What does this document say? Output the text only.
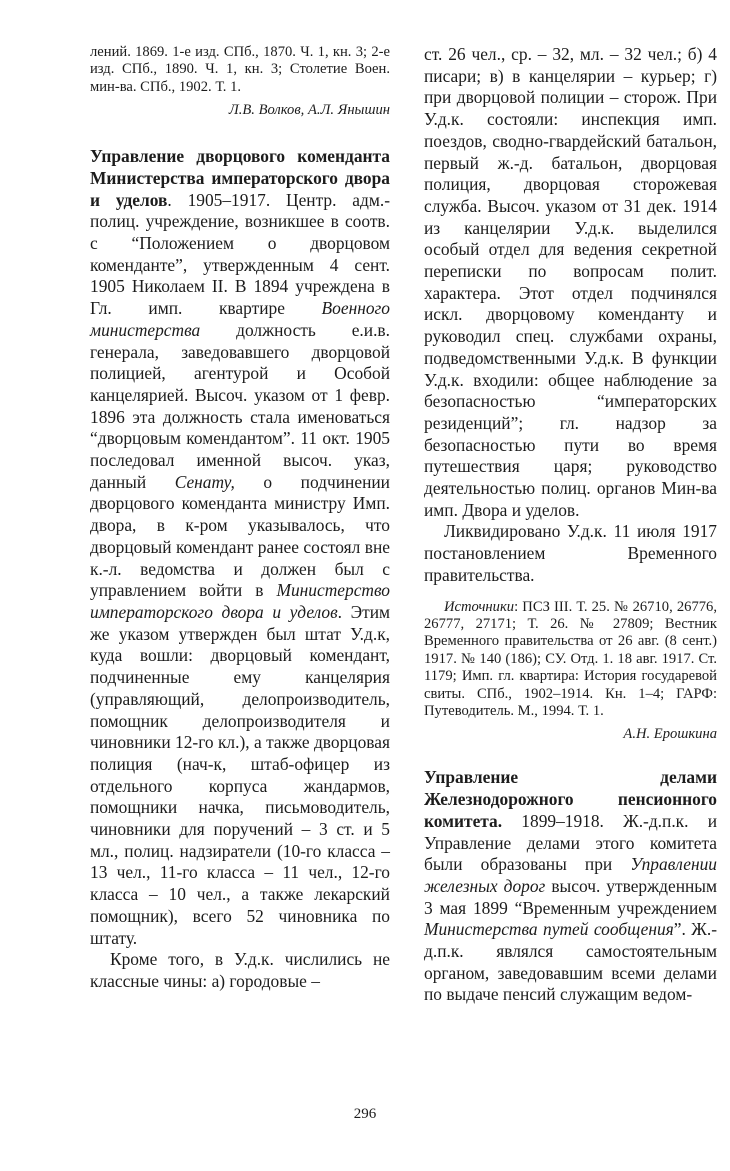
лений. 1869. 1-е изд. СПб., 1870. Ч. 1, кн. 3; 2-е изд. СПб., 1890. Ч. 1, кн. 3; Столетие Воен. мин-ва. СПб., 1902. Т. 1.

Л.В. Волков, А.Л. Янышин

Управление дворцового коменданта Министерства императорского двора и уделов. 1905–1917. Центр. адм.-полиц. учреждение, возникшее в соотв. с “Положением о дворцовом коменданте”, утвержденным 4 сент. 1905 Николаем II. В 1894 учреждена в Гл. имп. квартире Военного министерства должность е.и.в. генерала, заведовавшего дворцовой полицией, агентурой и Особой канцелярией. Высоч. указом от 1 февр. 1896 эта должность стала именоваться “дворцовым комендантом”. 11 окт. 1905 последовал именной высоч. указ, данный Сенату, о подчинении дворцового коменданта министру Имп. двора, в к-ром указывалось, что дворцовый комендант ранее состоял вне к.-л. ведомства и должен был с управлением войти в Министерство императорского двора и уделов. Этим же указом утвержден был штат У.д.к, куда вошли: дворцовый комендант, подчиненные ему канцелярия (управляющий, делопроизводитель, помощник делопроизводителя и чиновники 12-го кл.), а также дворцовая полиция (нач-к, штаб-офицер из отдельного корпуса жандармов, помощники начка, письмоводитель, чиновники для поручений – 3 ст. и 5 мл., полиц. надзиратели (10-го класса – 13 чел., 11-го класса – 11 чел., 12-го класса – 10 чел., а также лекарский помощник), всего 52 чиновника по штату.

Кроме того, в У.д.к. числились не классные чины: а) городовые –

ст. 26 чел., ср. – 32, мл. – 32 чел.; б) 4 писари; в) в канцелярии – курьер; г) при дворцовой полиции – сторож. При У.д.к. состояли: инспекция имп. поездов, сводно-гвардейский батальон, первый ж.-д. батальон, дворцовая полиция, дворцовая сторожевая служба. Высоч. указом от 31 дек. 1914 из канцелярии У.д.к. выделился особый отдел для ведения секретной переписки по вопросам полит. характера. Этот отдел подчинялся искл. дворцовому коменданту и руководил спец. службами охраны, подведомственными У.д.к. В функции У.д.к. входили: общее наблюдение за безопасностью “императорских резиденций”; гл. надзор за безопасностью пути во время путешествия царя; руководство деятельностью полиц. органов Мин-ва имп. Двора и уделов.

Ликвидировано У.д.к. 11 июля 1917 постановлением Временного правительства.

Источники: ПСЗ III. Т. 25. № 26710, 26776, 26777, 27171; Т. 26. № 27809; Вестник Временного правительства от 26 авг. (8 сент.) 1917. № 140 (186); СУ. Отд. 1. 18 авг. 1917. Ст. 1179; Имп. гл. квартира: История государевой свиты. СПб., 1902–1914. Кн. 1–4; ГАРФ: Путеводитель. М., 1994. Т. 1.

А.Н. Ерошкина

Управление делами Железнодорожного пенсионного комитета. 1899–1918. Ж.-д.п.к. и Управление делами этого комитета были образованы при Управлении железных дорог высоч. утвержденным 3 мая 1899 “Временным учреждением Министерства путей сообщения”. Ж.-д.п.к. являлся самостоятельным органом, заведовавшим всеми делами по выдаче пенсий служащим ведом-

296
